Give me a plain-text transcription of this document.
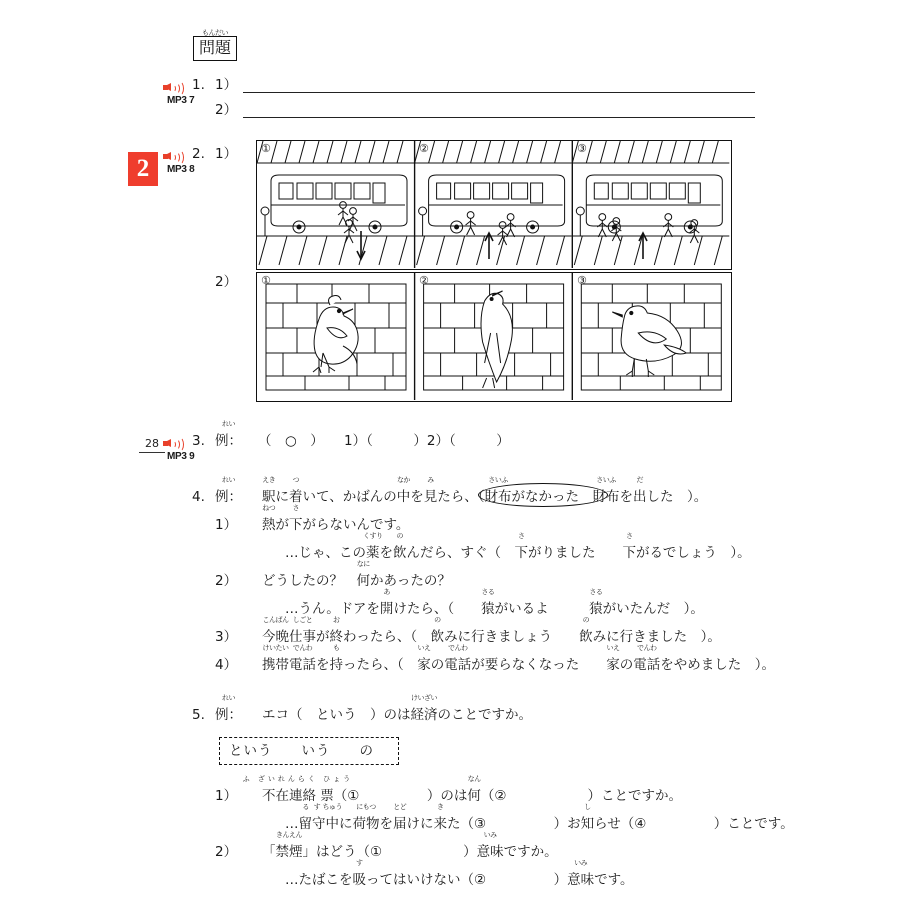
もんだい
問題
2
28
MP3 7
1. 1）
2）
MP3 8
2. 1）
2）
①	②	③
①	②	③
MP3 9
3.
れい
例： （　○　）　　1）（　　　）2）（　　　）
4.
れい
例：
えき
駅に
つ
着いて、かばんの
なか
中を
み
見たら、（
さいふ
財布がなかった　
さいふ
財布を
だ
出した　）。
1）
ねつ
熱が
さ
下がらないんです。
…じゃ、この
くすり
薬を
の
飲んだら、すぐ（　
さ
下がりました　　
さ
下がるでしょう　）。
2） どうしたの？　
なに
何かあったの？
…うん。ドアを
あ
開けたら、（　　
さる
猿がいるよ　　　
さる
猿がいたんだ　）。
3）
こんばん
今晩
しごと
仕事が
お
終わったら、（　
の
飲みに行きましょう　　
の
飲みに行きました　）。
4）
けいたい
携帯
でんわ
電話を
も
持ったら、（　
いえ
家の
でんわ
電話が要らなくなった　　
いえ
家の
でんわ
電話をやめました　）。
5.
れい
例： エコ（　という　）のは
けいざい
経済のことですか。
という　　いう　　の
1）
ふ ざいれんらく ひょう
不在連絡 票（①　　　　　）のは
なん
何（②　　　　　　）ことですか。
…
る す
留守
ちゅう
中に
にもつ
荷物を
とど
届けに
き
来た（③　　　　　）お
し
知らせ（④　　　　　）ことです。
2） 「
きんえん
禁煙」はどう（①　　　　　　）
いみ
意味ですか。
…たばこを
す
吸ってはいけない（②　　　　　）
いみ
意味です。
